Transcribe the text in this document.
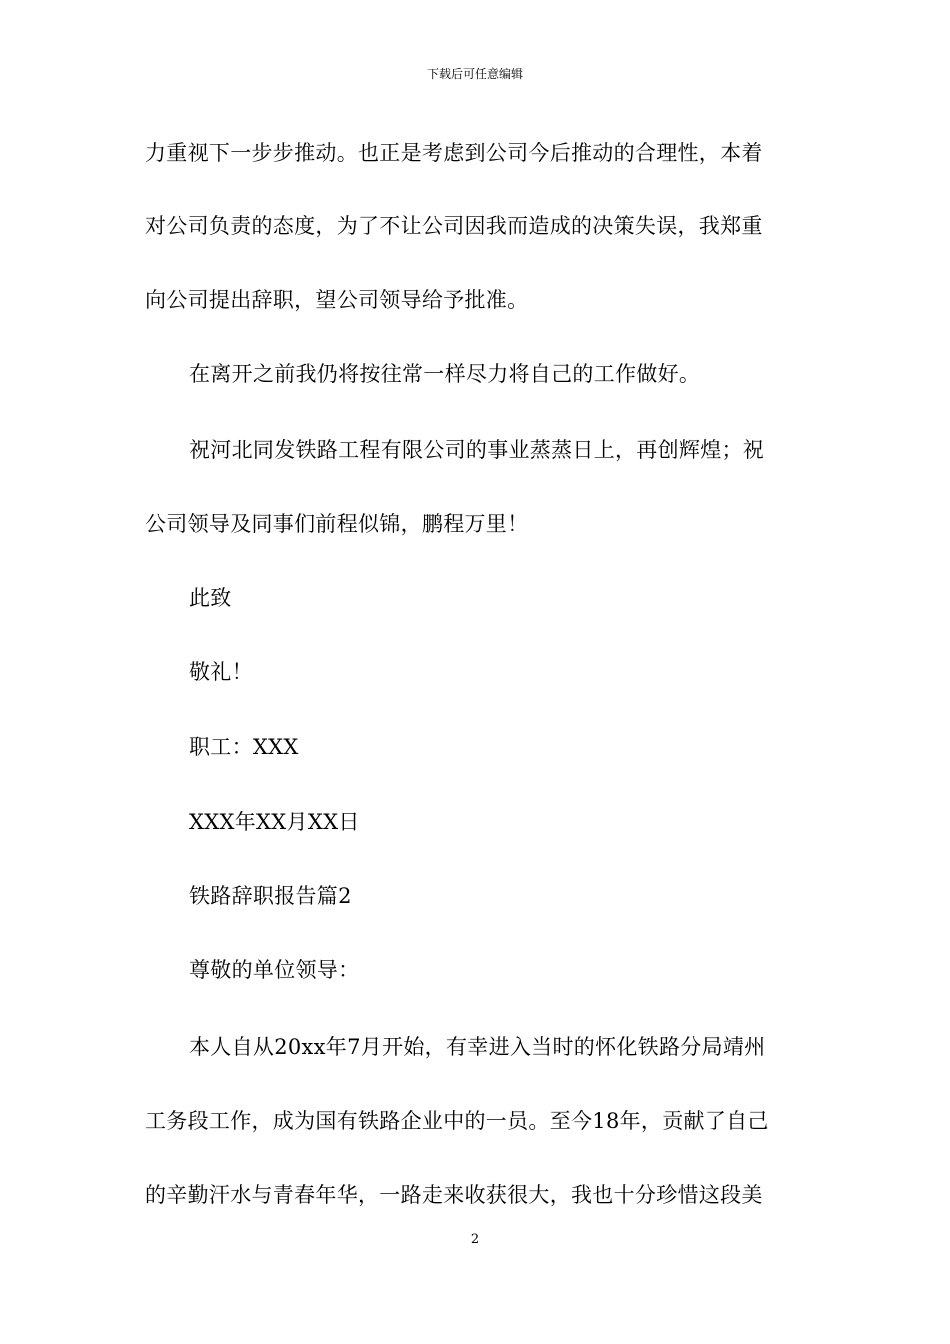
下载后可任意编辑
力重视下一步步推动。也正是考虑到公司今后推动的合理性，本着
对公司负责的态度，为了不让公司因我而造成的决策失误，我郑重
向公司提出辞职，望公司领导给予批准。
在离开之前我仍将按往常一样尽力将自己的工作做好。
祝河北同发铁路工程有限公司的事业蒸蒸日上，再创辉煌；祝
公司领导及同事们前程似锦，鹏程万里！
此致
敬礼！
职工：XXX
XXX年XX月XX日
铁路辞职报告篇2
尊敬的单位领导：
本人自从20xx年7月开始，有幸进入当时的怀化铁路分局靖州
工务段工作，成为国有铁路企业中的一员。至今18年，贡献了自己
的辛勤汗水与青春年华，一路走来收获很大，我也十分珍惜这段美
2
